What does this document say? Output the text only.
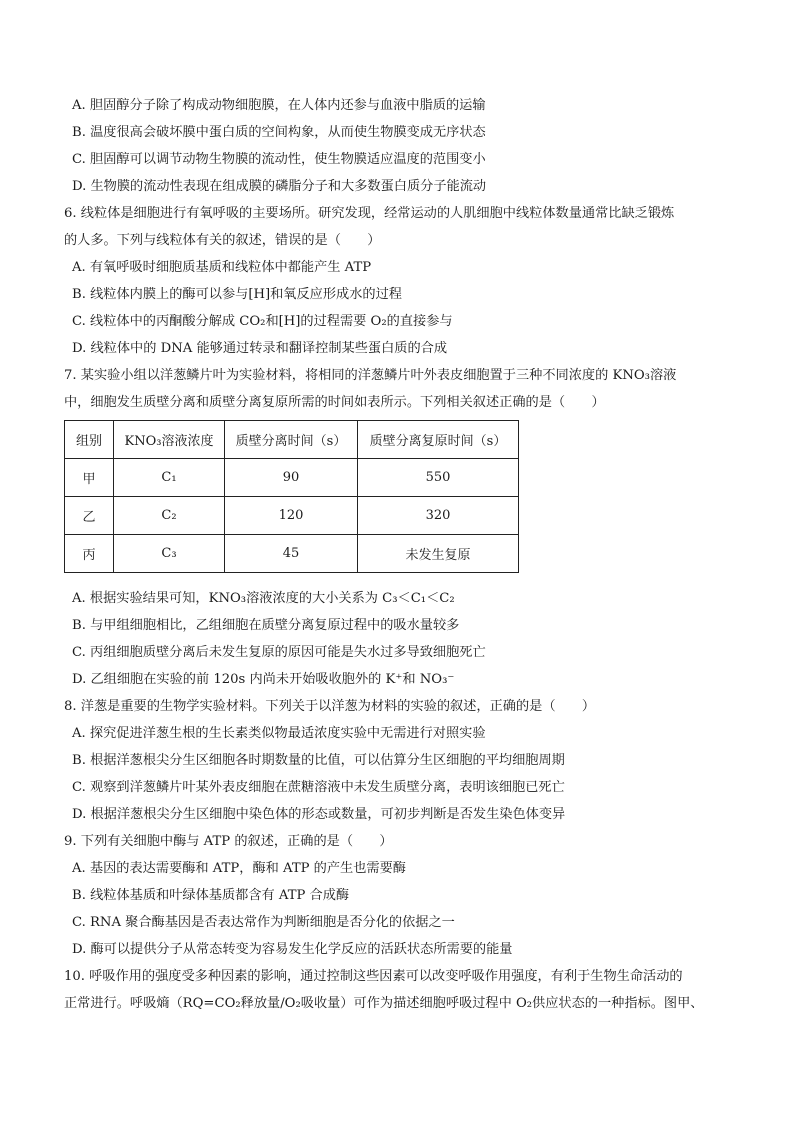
A. 胆固醇分子除了构成动物细胞膜，在人体内还参与血液中脂质的运输
B. 温度很高会破坏膜中蛋白质的空间构象，从而使生物膜变成无序状态
C. 胆固醇可以调节动物生物膜的流动性，使生物膜适应温度的范围变小
D. 生物膜的流动性表现在组成膜的磷脂分子和大多数蛋白质分子能流动
6. 线粒体是细胞进行有氧呼吸的主要场所。研究发现，经常运动的人肌细胞中线粒体数量通常比缺乏锻炼
的人多。下列与线粒体有关的叙述，错误的是（　　）
A. 有氧呼吸时细胞质基质和线粒体中都能产生 ATP
B. 线粒体内膜上的酶可以参与[H]和氧反应形成水的过程
C. 线粒体中的丙酮酸分解成 CO₂和[H]的过程需要 O₂的直接参与
D. 线粒体中的 DNA 能够通过转录和翻译控制某些蛋白质的合成
7. 某实验小组以洋葱鳞片叶为实验材料，将相同的洋葱鳞片叶外表皮细胞置于三种不同浓度的 KNO₃溶液
中，细胞发生质壁分离和质壁分离复原所需的时间如表所示。下列相关叙述正确的是（　　）
组别	KNO₃溶液浓度	质壁分离时间（s）	质壁分离复原时间（s）
甲	C₁	90	550
乙	C₂	120	320
丙	C₃	45	未发生复原
A. 根据实验结果可知，KNO₃溶液浓度的大小关系为 C₃＜C₁＜C₂
B. 与甲组细胞相比，乙组细胞在质壁分离复原过程中的吸水量较多
C. 丙组细胞质壁分离后未发生复原的原因可能是失水过多导致细胞死亡
D. 乙组细胞在实验的前 120s 内尚未开始吸收胞外的 K⁺和 NO₃⁻
8. 洋葱是重要的生物学实验材料。下列关于以洋葱为材料的实验的叙述，正确的是（　　）
A. 探究促进洋葱生根的生长素类似物最适浓度实验中无需进行对照实验
B. 根据洋葱根尖分生区细胞各时期数量的比值，可以估算分生区细胞的平均细胞周期
C. 观察到洋葱鳞片叶某外表皮细胞在蔗糖溶液中未发生质壁分离，表明该细胞已死亡
D. 根据洋葱根尖分生区细胞中染色体的形态或数量，可初步判断是否发生染色体变异
9. 下列有关细胞中酶与 ATP 的叙述，正确的是（　　）
A. 基因的表达需要酶和 ATP，酶和 ATP 的产生也需要酶
B. 线粒体基质和叶绿体基质都含有 ATP 合成酶
C. RNA 聚合酶基因是否表达常作为判断细胞是否分化的依据之一
D. 酶可以提供分子从常态转变为容易发生化学反应的活跃状态所需要的能量
10. 呼吸作用的强度受多种因素的影响，通过控制这些因素可以改变呼吸作用强度，有利于生物生命活动的
正常进行。呼吸熵（RQ=CO₂释放量/O₂吸收量）可作为描述细胞呼吸过程中 O₂供应状态的一种指标。图甲、
